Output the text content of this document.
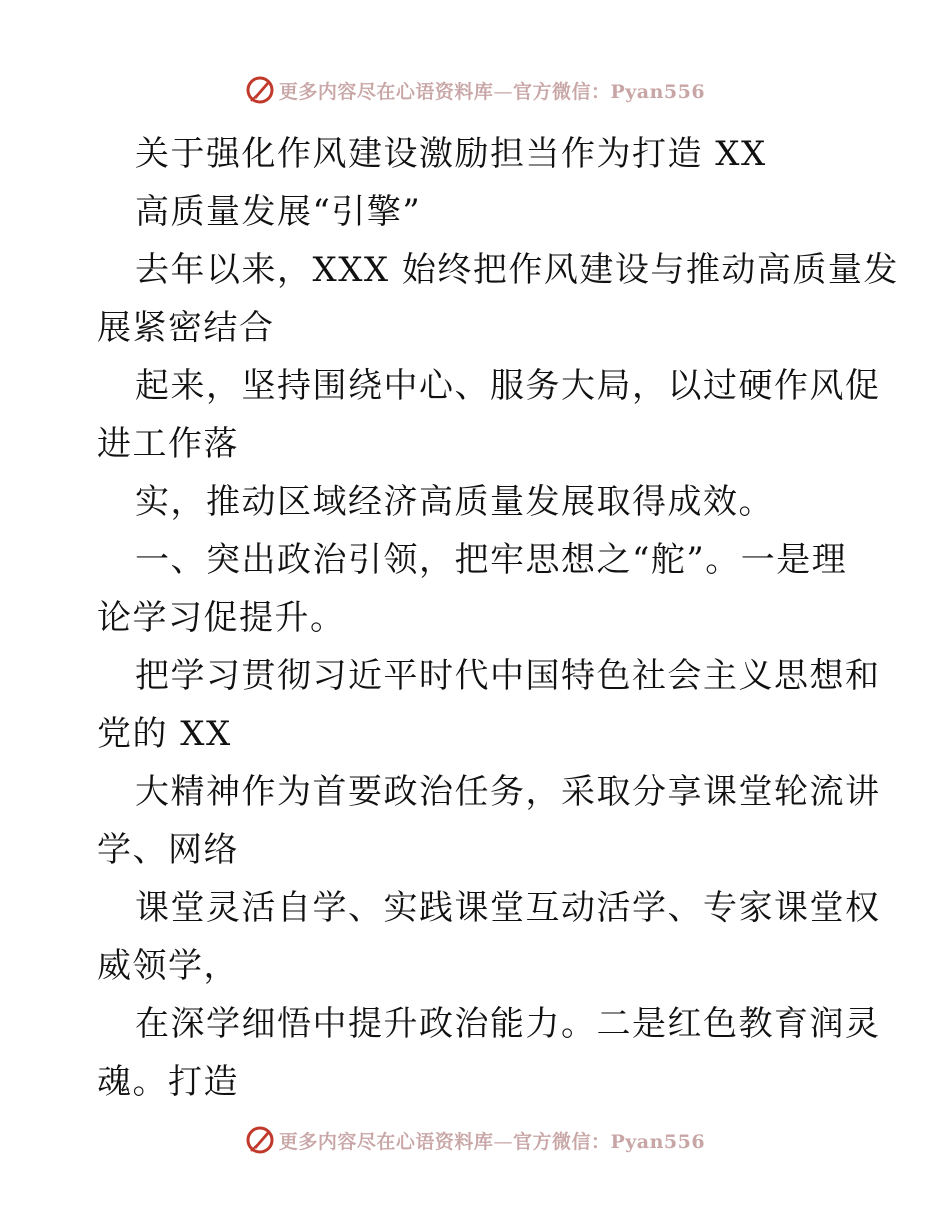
更多内容尽在心语资料库—官方微信：Pyan556
关于强化作风建设激励担当作为打造 XX
高质量发展“引擎”
去年以来，XXX 始终把作风建设与推动高质量发
展紧密结合
起来，坚持围绕中心、服务大局，以过硬作风促
进工作落
实，推动区域经济高质量发展取得成效。
一、突出政治引领，把牢思想之“舵”。一是理
论学习促提升。
把学习贯彻习近平时代中国特色社会主义思想和
党的 XX
大精神作为首要政治任务，采取分享课堂轮流讲
学、网络
课堂灵活自学、实践课堂互动活学、专家课堂权
威领学，
在深学细悟中提升政治能力。二是红色教育润灵
魂。打造
更多内容尽在心语资料库—官方微信：Pyan556
